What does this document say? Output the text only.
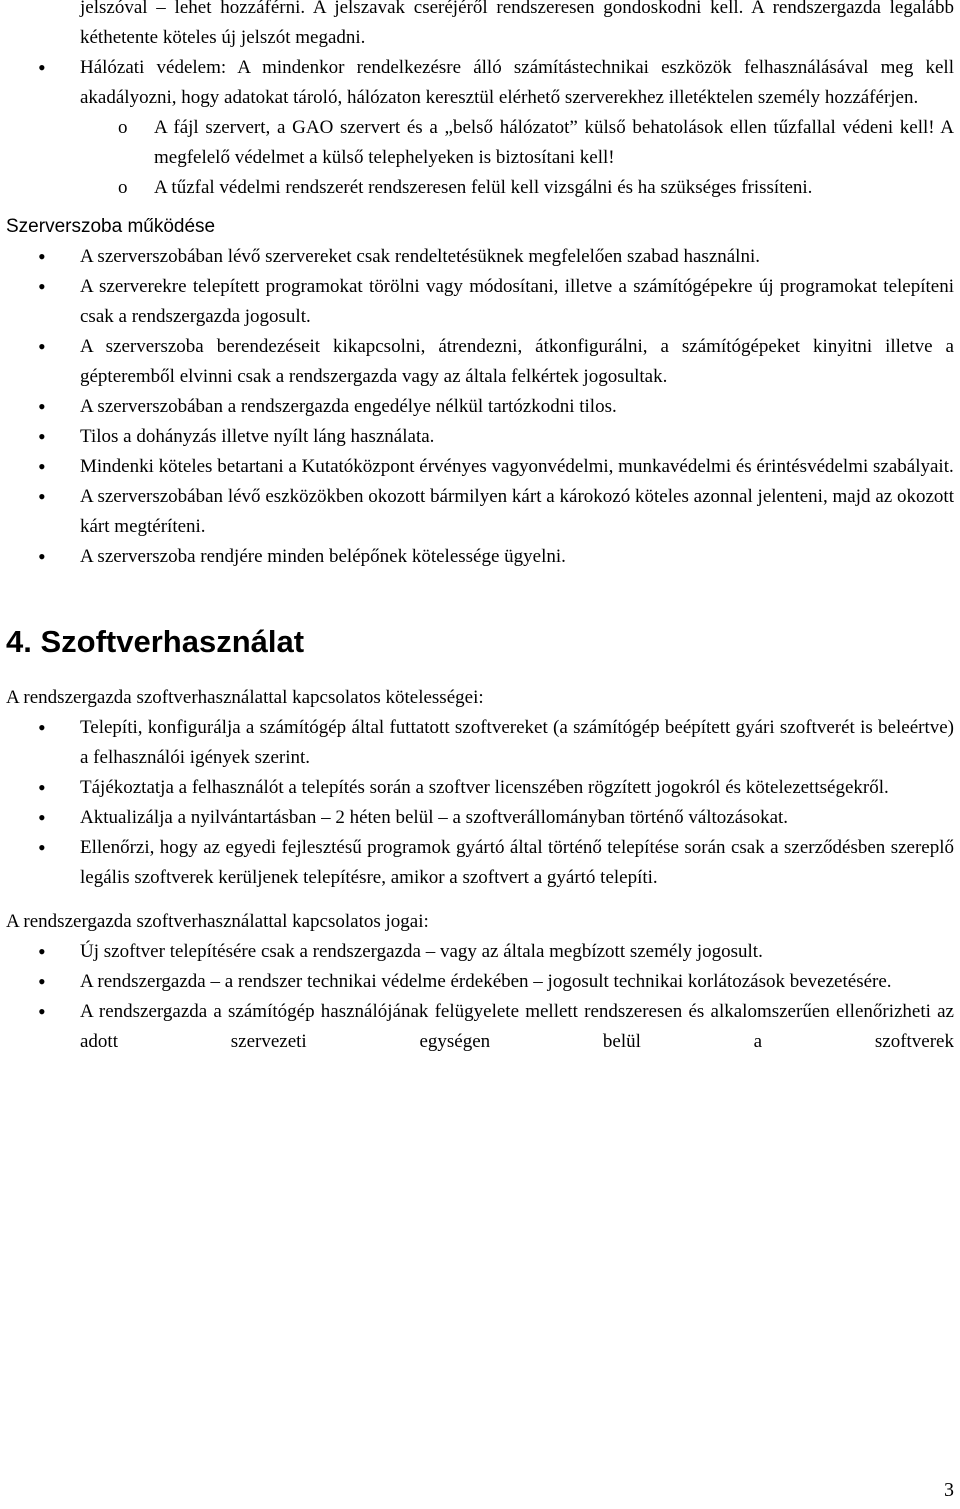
jelszóval – lehet hozzáférni. A jelszavak cseréjéről rendszeresen gondoskodni kell. A rendszergazda legalább kéthetente köteles új jelszót megadni.
• Hálózati védelem: A mindenkor rendelkezésre álló számítástechnikai eszközök felhasználásával meg kell akadályozni, hogy adatokat tároló, hálózaton keresztül elérhető szerverekhez illetéktelen személy hozzáférjen.
o A fájl szervert, a GAO szervert és a „belső hálózatot” külső behatolások ellen tűzfallal védeni kell! A megfelelő védelmet a külső telephelyeken is biztosítani kell!
o A tűzfal védelmi rendszerét rendszeresen felül kell vizsgálni és ha szükséges frissíteni.
Szerverszoba működése
• A szerverszobában lévő szervereket csak rendeltetésüknek megfelelően szabad használni.
• A szerverekre telepített programokat törölni vagy módosítani, illetve a számítógépekre új programokat telepíteni csak a rendszergazda jogosult.
• A szerverszoba berendezéseit kikapcsolni, átrendezni, átkonfigurálni, a számítógépeket kinyitni illetve a gépteremből elvinni csak a rendszergazda vagy az általa felkértek jogosultak.
• A szerverszobában a rendszergazda engedélye nélkül tartózkodni tilos.
• Tilos a dohányzás illetve nyílt láng használata.
• Mindenki köteles betartani a Kutatóközpont érvényes vagyonvédelmi, munkavédelmi és érintésvédelmi szabályait.
• A szerverszobában lévő eszközökben okozott bármilyen kárt a károkozó köteles azonnal jelenteni, majd az okozott kárt megtéríteni.
• A szerverszoba rendjére minden belépőnek kötelessége ügyelni.
4. Szoftverhasználat
A rendszergazda szoftverhasználattal kapcsolatos kötelességei:
• Telepíti, konfigurálja a számítógép által futtatott szoftvereket (a számítógép beépített gyári szoftverét is beleértve) a felhasználói igények szerint.
• Tájékoztatja a felhasználót a telepítés során a szoftver licenszében rögzített jogokról és kötelezettségekről.
• Aktualizálja a nyilvántartásban – 2 héten belül – a szoftverállományban történő változásokat.
• Ellenőrzi, hogy az egyedi fejlesztésű programok gyártó által történő telepítése során csak a szerződésben szereplő legális szoftverek kerüljenek telepítésre, amikor a szoftvert a gyártó telepíti.
A rendszergazda szoftverhasználattal kapcsolatos jogai:
• Új szoftver telepítésére csak a rendszergazda – vagy az általa megbízott személy jogosult.
• A rendszergazda – a rendszer technikai védelme érdekében – jogosult technikai korlátozások bevezetésére.
• A rendszergazda a számítógép használójának felügyelete mellett rendszeresen és alkalomszerűen ellenőrizheti az adott szervezeti egységen belül a szoftverek
3
